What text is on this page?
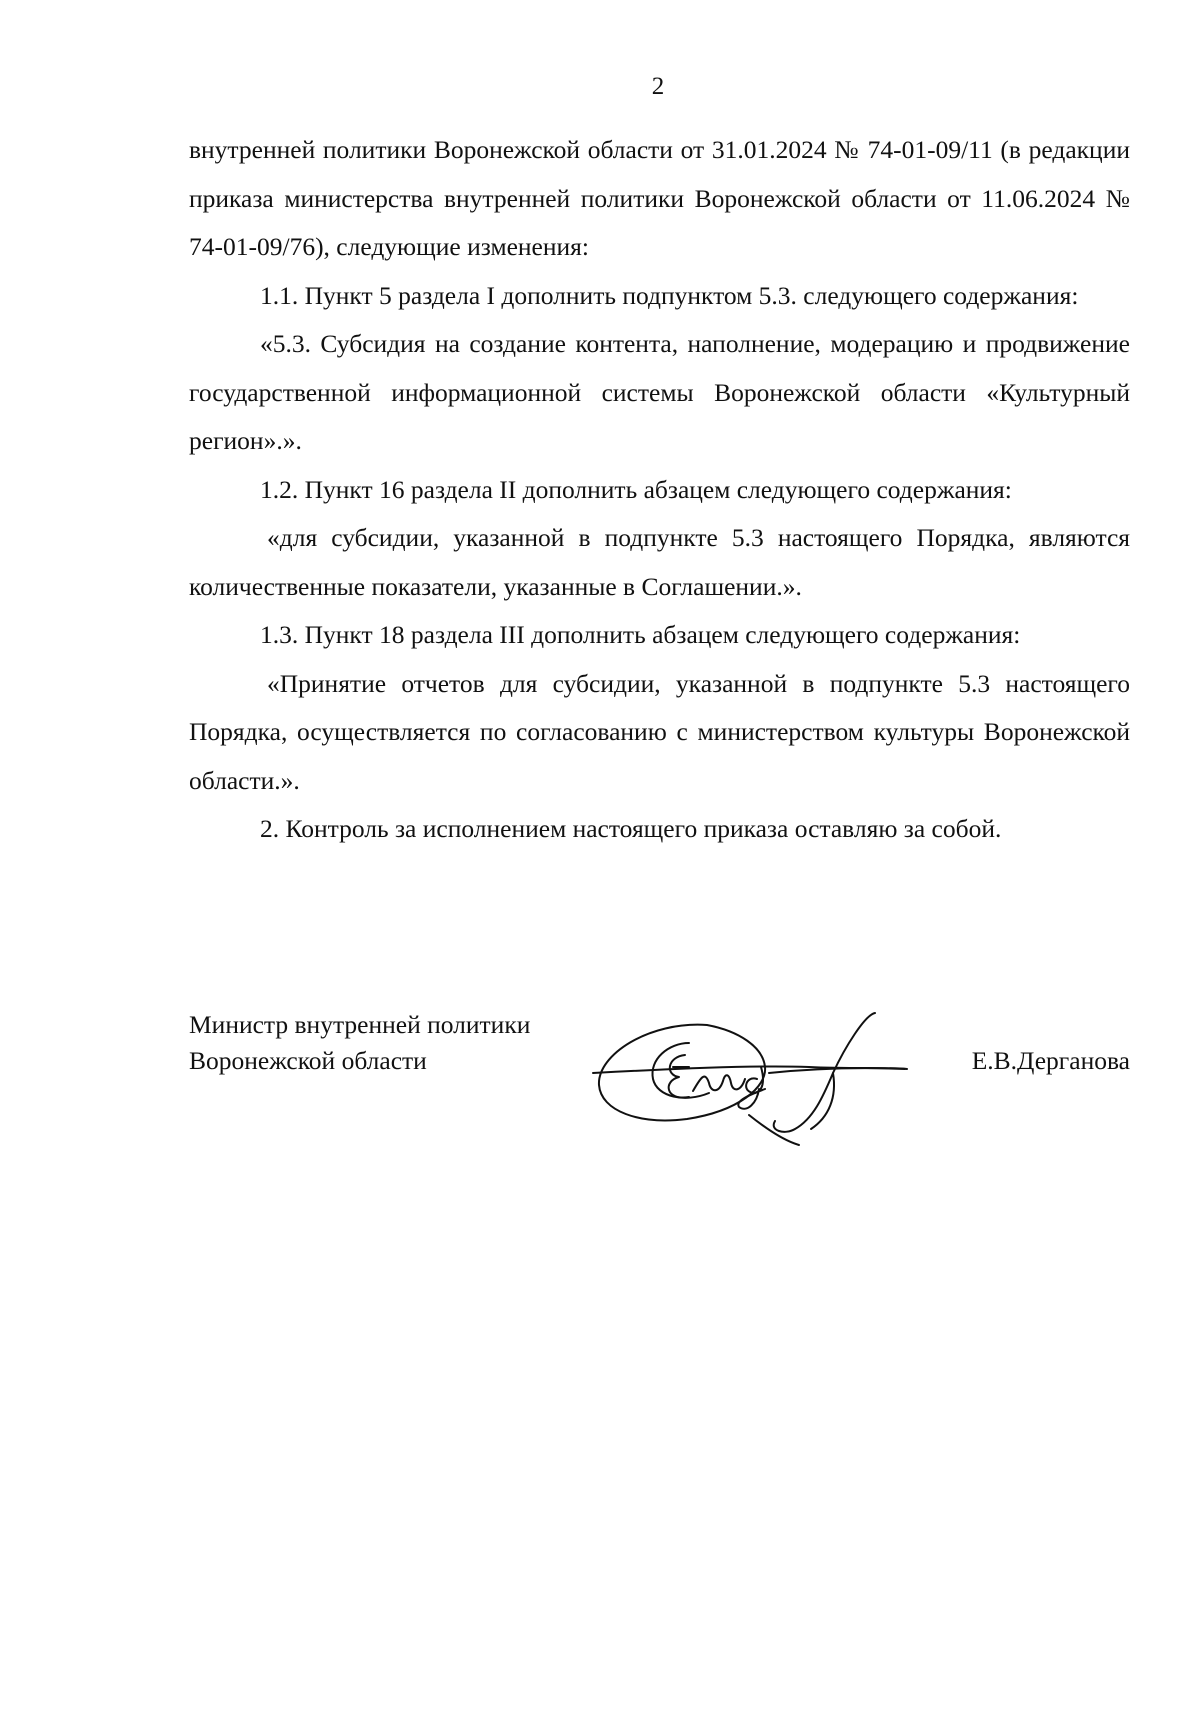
2

внутренней политики Воронежской области от 31.01.2024 № 74-01-09/11 (в редакции приказа министерства внутренней политики Воронежской области от 11.06.2024 № 74-01-09/76), следующие изменения:

1.1. Пункт 5 раздела I дополнить подпунктом 5.3. следующего содержания:

«5.3. Субсидия на создание контента, наполнение, модерацию и продвижение государственной информационной системы Воронежской области «Культурный регион».».

1.2. Пункт 16 раздела II дополнить абзацем следующего содержания:

«для субсидии, указанной в подпункте 5.3 настоящего Порядка, являются количественные показатели, указанные в Соглашении.».

1.3. Пункт 18 раздела III дополнить абзацем следующего содержания:

«Принятие отчетов для субсидии, указанной в подпункте 5.3 настоящего Порядка, осуществляется по согласованию с министерством культуры Воронежской области.».

2. Контроль за исполнением настоящего приказа оставляю за собой.

Министр внутренней политики
Воронежской области	Е.В.Дерганова
